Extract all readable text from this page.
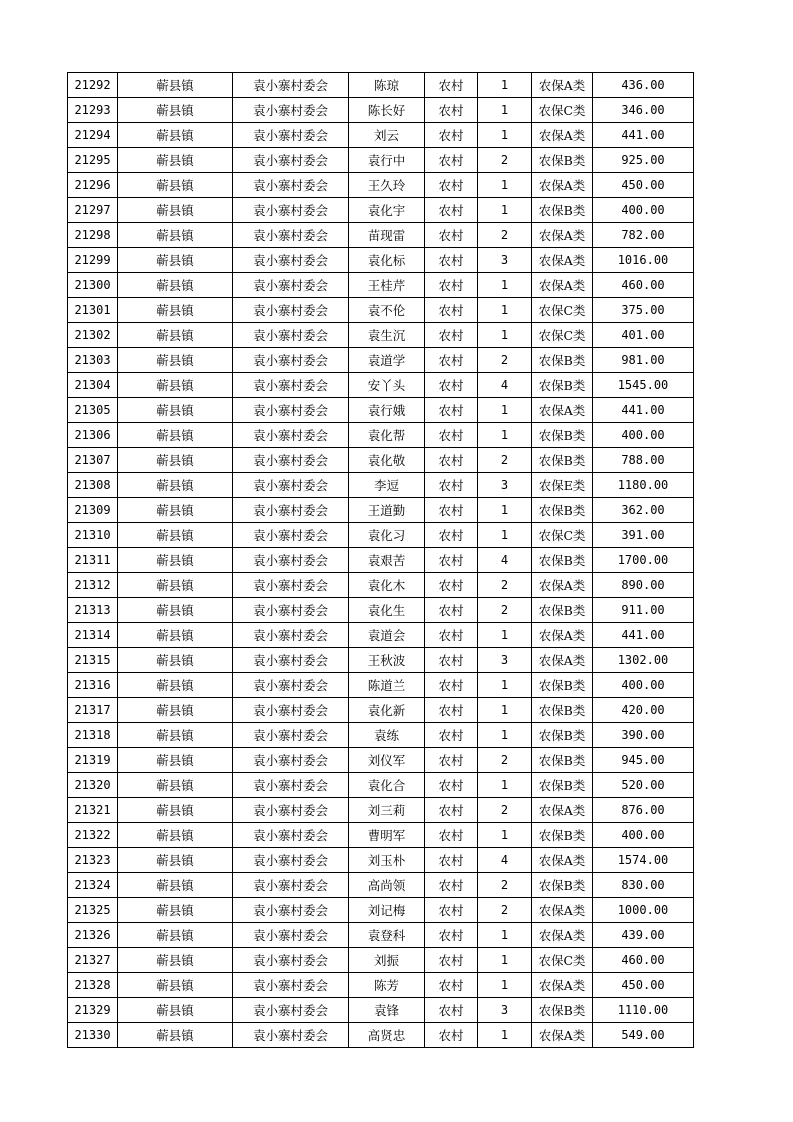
21292	蕲县镇	袁小寨村委会	陈琼	农村	1	农保A类	436.00
21293	蕲县镇	袁小寨村委会	陈长好	农村	1	农保C类	346.00
21294	蕲县镇	袁小寨村委会	刘云	农村	1	农保A类	441.00
21295	蕲县镇	袁小寨村委会	袁行中	农村	2	农保B类	925.00
21296	蕲县镇	袁小寨村委会	王久玲	农村	1	农保A类	450.00
21297	蕲县镇	袁小寨村委会	袁化宇	农村	1	农保B类	400.00
21298	蕲县镇	袁小寨村委会	苗现雷	农村	2	农保A类	782.00
21299	蕲县镇	袁小寨村委会	袁化标	农村	3	农保A类	1016.00
21300	蕲县镇	袁小寨村委会	王桂芹	农村	1	农保A类	460.00
21301	蕲县镇	袁小寨村委会	袁不伦	农村	1	农保C类	375.00
21302	蕲县镇	袁小寨村委会	袁生沉	农村	1	农保C类	401.00
21303	蕲县镇	袁小寨村委会	袁道学	农村	2	农保B类	981.00
21304	蕲县镇	袁小寨村委会	安丫头	农村	4	农保B类	1545.00
21305	蕲县镇	袁小寨村委会	袁行娥	农村	1	农保A类	441.00
21306	蕲县镇	袁小寨村委会	袁化帮	农村	1	农保B类	400.00
21307	蕲县镇	袁小寨村委会	袁化敬	农村	2	农保B类	788.00
21308	蕲县镇	袁小寨村委会	李逗	农村	3	农保E类	1180.00
21309	蕲县镇	袁小寨村委会	王道勤	农村	1	农保B类	362.00
21310	蕲县镇	袁小寨村委会	袁化习	农村	1	农保C类	391.00
21311	蕲县镇	袁小寨村委会	袁艰苦	农村	4	农保B类	1700.00
21312	蕲县镇	袁小寨村委会	袁化木	农村	2	农保A类	890.00
21313	蕲县镇	袁小寨村委会	袁化生	农村	2	农保B类	911.00
21314	蕲县镇	袁小寨村委会	袁道会	农村	1	农保A类	441.00
21315	蕲县镇	袁小寨村委会	王秋波	农村	3	农保A类	1302.00
21316	蕲县镇	袁小寨村委会	陈道兰	农村	1	农保B类	400.00
21317	蕲县镇	袁小寨村委会	袁化新	农村	1	农保B类	420.00
21318	蕲县镇	袁小寨村委会	袁练	农村	1	农保B类	390.00
21319	蕲县镇	袁小寨村委会	刘仪军	农村	2	农保B类	945.00
21320	蕲县镇	袁小寨村委会	袁化合	农村	1	农保B类	520.00
21321	蕲县镇	袁小寨村委会	刘三莉	农村	2	农保A类	876.00
21322	蕲县镇	袁小寨村委会	曹明军	农村	1	农保B类	400.00
21323	蕲县镇	袁小寨村委会	刘玉朴	农村	4	农保A类	1574.00
21324	蕲县镇	袁小寨村委会	高尚领	农村	2	农保B类	830.00
21325	蕲县镇	袁小寨村委会	刘记梅	农村	2	农保A类	1000.00
21326	蕲县镇	袁小寨村委会	袁登科	农村	1	农保A类	439.00
21327	蕲县镇	袁小寨村委会	刘振	农村	1	农保C类	460.00
21328	蕲县镇	袁小寨村委会	陈芳	农村	1	农保A类	450.00
21329	蕲县镇	袁小寨村委会	袁锋	农村	3	农保B类	1110.00
21330	蕲县镇	袁小寨村委会	高贤忠	农村	1	农保A类	549.00
